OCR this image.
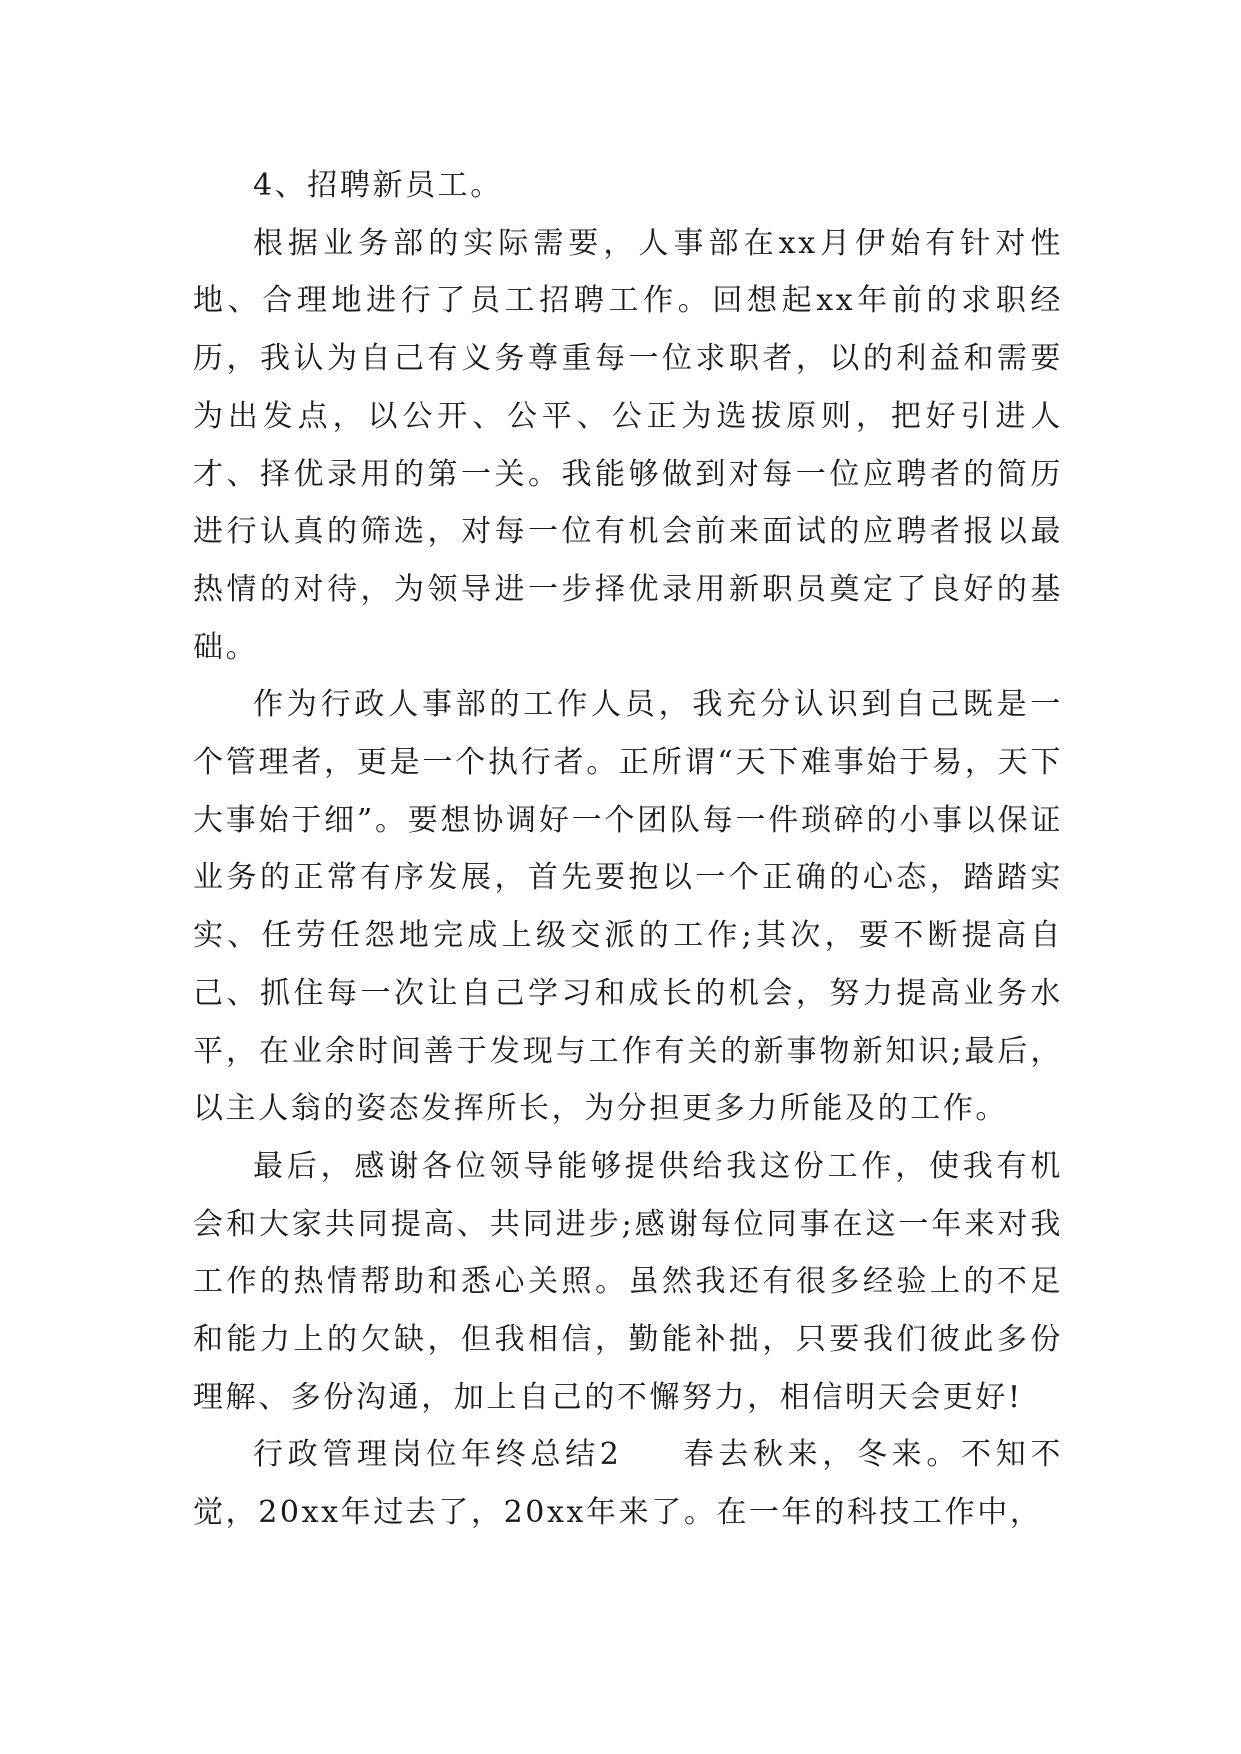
4、招聘新员工。

根据业务部的实际需要，人事部在xx月伊始有针对性地、合理地进行了员工招聘工作。回想起xx年前的求职经历，我认为自己有义务尊重每一位求职者，以的利益和需要为出发点，以公开、公平、公正为选拔原则，把好引进人才、择优录用的第一关。我能够做到对每一位应聘者的简历进行认真的筛选，对每一位有机会前来面试的应聘者报以最热情的对待，为领导进一步择优录用新职员奠定了良好的基础。

作为行政人事部的工作人员，我充分认识到自己既是一个管理者，更是一个执行者。正所谓“天下难事始于易，天下大事始于细”。要想协调好一个团队每一件琐碎的小事以保证业务的正常有序发展，首先要抱以一个正确的心态，踏踏实实、任劳任怨地完成上级交派的工作;其次，要不断提高自己、抓住每一次让自己学习和成长的机会，努力提高业务水平，在业余时间善于发现与工作有关的新事物新知识;最后，以主人翁的姿态发挥所长，为分担更多力所能及的工作。

最后，感谢各位领导能够提供给我这份工作，使我有机会和大家共同提高、共同进步;感谢每位同事在这一年来对我工作的热情帮助和悉心关照。虽然我还有很多经验上的不足和能力上的欠缺，但我相信，勤能补拙，只要我们彼此多份理解、多份沟通，加上自己的不懈努力，相信明天会更好!

行政管理岗位年终总结2 春去秋来，冬来。不知不觉，20xx年过去了，20xx年来了。在一年的科技工作中，
